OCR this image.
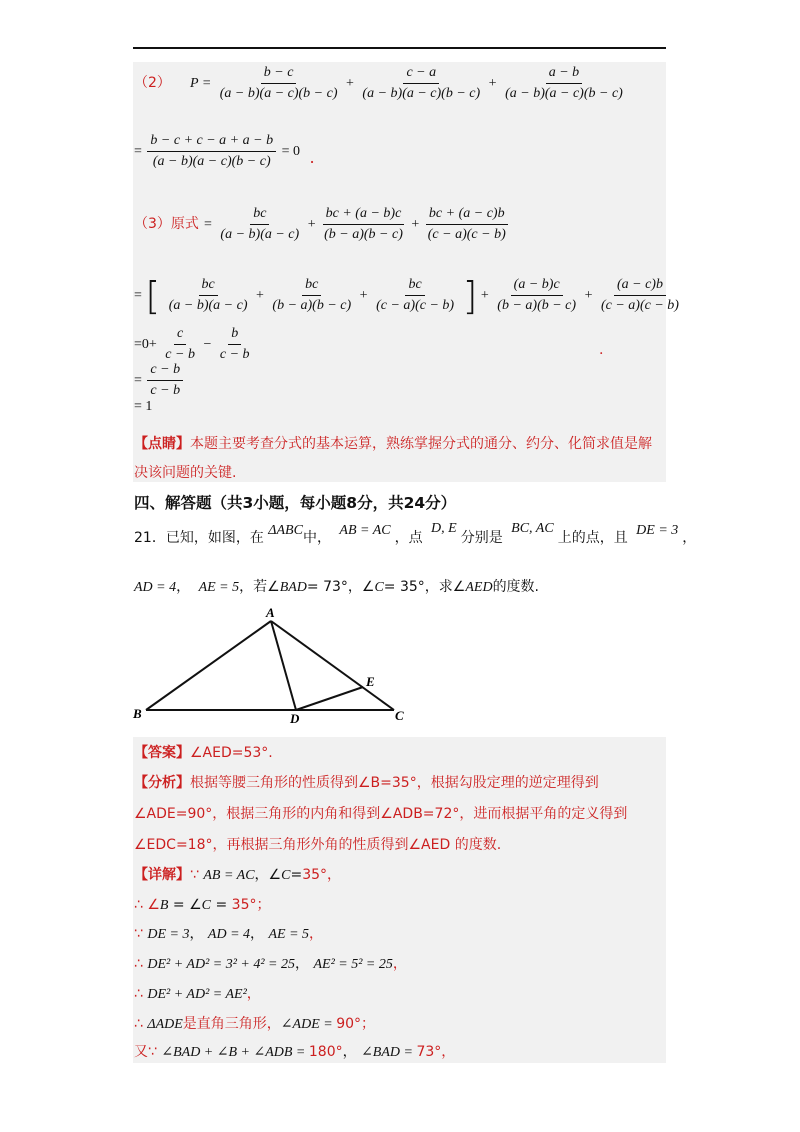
（2） $P = \frac{b - c}{(a - b)(a - c)(b - c)} + \frac{c - a}{(a - b)(a - c)(b - c)} + \frac{a - b}{(a - b)(a - c)(b - c)}$
= $\frac{b - c + c - a + a - b}{(a - b)(a - c)(b - c)} = 0$ .
（3）原式 = $\frac{bc}{(a - b)(a - c)} + \frac{bc + (a - b)c}{(b - a)(b - c)} + \frac{bc + (a - c)b}{(c - a)(c - b)}$
= [ $\frac{bc}{(a - b)(a - c)} + \frac{bc}{(b - a)(b - c)} + \frac{bc}{(c - a)(c - b)}$ ] + $\frac{(a - b)c}{(b - a)(b - c)} + \frac{(a - c)b}{(c - a)(c - b)}$
$=0+ \frac{c}{c - b} - \frac{b}{c - b}$	.
= $\frac{c - b}{c - b}$
= 1
【点睛】本题主要考查分式的基本运算，熟练掌握分式的通分、约分、化简求值是解
决该问题的关键.
四、解答题（共3小题，每小题8分，共24分）
21．已知，如图，在 ΔABC中， AB = AC ，点 D, E分别是 BC, AC上的点，且 DE = 3 ，
AD = 4， AE = 5，若∠BAD= 73°，∠C= 35°，求∠AED的度数.
A
B	C
D
E
【答案】∠AED=53°.
【分析】根据等腰三角形的性质得到∠B=35°，根据勾股定理的逆定理得到
∠ADE=90°，根据三角形的内角和得到∠ADB=72°，进而根据平角的定义得到
∠EDC=18°，再根据三角形外角的性质得到∠AED 的度数.
【详解】∵ AB = AC，∠C=35°，
∴ ∠B = ∠C = 35°；
∵ DE = 3， AD = 4， AE = 5，
∴ DE² + AD² = 3² + 4² = 25， AE² = 5² = 25，
∴ DE² + AD² = AE²，
∴ ΔADE是直角三角形，∠ADE = 90°；
又∵ ∠BAD + ∠B + ∠ADB = 180°， ∠BAD = 73°，
